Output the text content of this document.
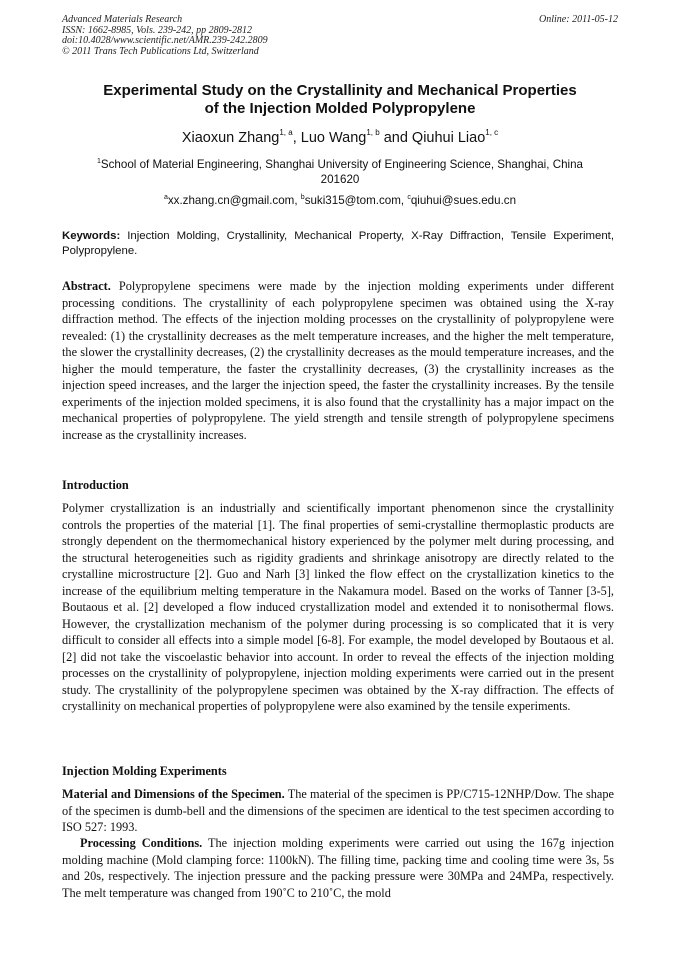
Advanced Materials Research
ISSN: 1662-8985, Vols. 239-242, pp 2809-2812
doi:10.4028/www.scientific.net/AMR.239-242.2809
© 2011 Trans Tech Publications Ltd, Switzerland
Online: 2011-05-12
Experimental Study on the Crystallinity and Mechanical Properties
of the Injection Molded Polypropylene
Xiaoxun Zhang$^{1, a}$, Luo Wang$^{1, b}$ and Qiuhui Liao$^{1, c}$
$^1$School of Material Engineering, Shanghai University of Engineering Science, Shanghai, China
201620
$^a$xx.zhang.cn@gmail.com, $^b$suki315@tom.com, $^c$qiuhui@sues.edu.cn
Keywords: Injection Molding, Crystallinity, Mechanical Property, X-Ray Diffraction, Tensile Experiment, Polypropylene.
Abstract. Polypropylene specimens were made by the injection molding experiments under different processing conditions. The crystallinity of each polypropylene specimen was obtained using the X-ray diffraction method. The effects of the injection molding processes on the crystallinity of polypropylene were revealed: (1) the crystallinity decreases as the melt temperature increases, and the higher the melt temperature, the slower the crystallinity decreases, (2) the crystallinity decreases as the mould temperature increases, and the higher the mould temperature, the faster the crystallinity decreases, (3) the crystallinity increases as the injection speed increases, and the larger the injection speed, the faster the crystallinity increases. By the tensile experiments of the injection molded specimens, it is also found that the crystallinity has a major impact on the mechanical properties of polypropylene. The yield strength and tensile strength of polypropylene specimens increase as the crystallinity increases.
Introduction
Polymer crystallization is an industrially and scientifically important phenomenon since the crystallinity controls the properties of the material [1]. The final properties of semi-crystalline thermoplastic products are strongly dependent on the thermomechanical history experienced by the polymer melt during processing, and the structural heterogeneities such as rigidity gradients and shrinkage anisotropy are directly related to the crystalline microstructure [2]. Guo and Narh [3] linked the flow effect on the crystallization kinetics to the increase of the equilibrium melting temperature in the Nakamura model. Based on the works of Tanner [3-5], Boutaous et al. [2] developed a flow induced crystallization model and extended it to nonisothermal flows. However, the crystallization mechanism of the polymer during processing is so complicated that it is very difficult to consider all effects into a simple model [6-8]. For example, the model developed by Boutaous et al. [2] did not take the viscoelastic behavior into account. In order to reveal the effects of the injection molding processes on the crystallinity of polypropylene, injection molding experiments were carried out in the present study. The crystallinity of the polypropylene specimen was obtained by the X-ray diffraction. The effects of crystallinity on mechanical properties of polypropylene were also examined by the tensile experiments.
Injection Molding Experiments
Material and Dimensions of the Specimen. The material of the specimen is PP/C715-12NHP/Dow. The shape of the specimen is dumb-bell and the dimensions of the specimen are identical to the test specimen according to ISO 527: 1993.
Processing Conditions. The injection molding experiments were carried out using the 167g injection molding machine (Mold clamping force: 1100kN). The filling time, packing time and cooling time were 3s, 5s and 20s, respectively. The injection pressure and the packing pressure were 30MPa and 24MPa, respectively. The melt temperature was changed from 190˚C to 210˚C, the mold
